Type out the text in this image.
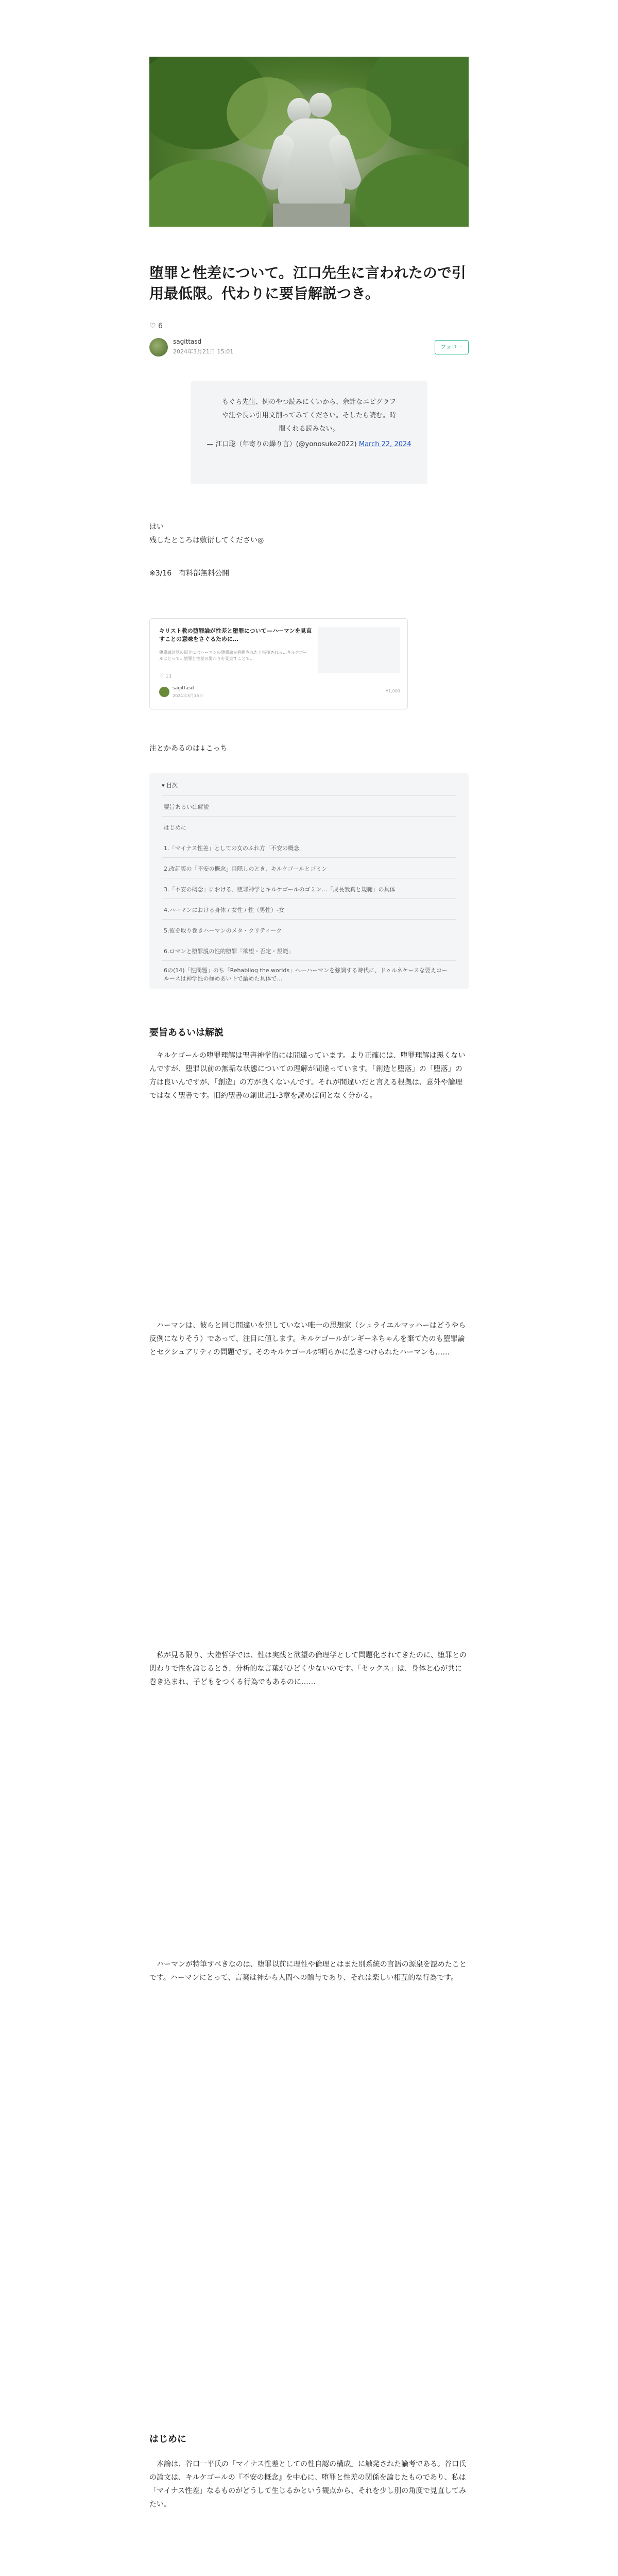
堕罪と性差について。江口先生に言われたので引用最低限。代わりに要旨解説つき。
♡ 6
sagittasd
2024年3月21日 15:01
フォロー

もぐら先生、例のやつ読みにくいから、余計なエピグラフ

や注や長い引用文削ってみてください。そしたら読む。時

間くれる読みない。

— 江口聡（年寄りの繰り言）(@yonosuke2022) March 22, 2024

はい

残したところは敷衍してください◎

※3/16　有料部無料公開

キリスト教の堕罪論が性差と堕罪について—ハーマンを見直すことの意味をさぐるために…
堕罪論諸見の紹介にはハーマンの堕罪論が利用されたと指摘される…キルケゴールにとって…堕罪と性差の関わりを見直すことで…
♡ 11
sagittasd
2024年3月15日
¥1,000

注とかあるのは↓こっち

▾ 目次
要旨あるいは解説
はじめに
1.「マイナス性差」としての女のふれ方「不安の概念」
2.改訂版の「不安の概念」目隠しのとき、キルケゴールとゴミン
3.「不安の概念」における、堕罪神学とキルケゴールのゴミン…「成長我真と規範」の具体
4.ハーマンにおける身体 / 女性 / 性（男性）-女
5.彼を取り巻きハーマンのメタ・クリティーク
6.ロマンと堕罪説の性的堕罪「欲望・否定・規範」
6の(14)「性問題」のち「Rehabilog the worlds」へ—ハーマンを強調する時代に、ドゥルネケースな要えコールースは神学性の極めあい下で論めた具体で…
要旨あるいは解説

　キルケゴールの堕罪理解は聖書神学的には間違っています。より正確には、堕罪理解は悪くないんですが、堕罪以前の無垢な状態についての理解が間違っています。「創造と堕落」の「堕落」の方は良いんですが、「創造」の方が良くないんです。それが間違いだと言える根拠は、意外や論理ではなく聖書です。旧約聖書の創世記1-3章を読めば何となく分かる。

　ハーマンは、彼らと同じ間違いを犯していない唯一の思想家（シュライエルマッハーはどうやら反例になりそう）であって、注目に値します。キルケゴールがレギーネちゃんを棄てたのも堕罪論とセクシュアリティの問題です。そのキルケゴールが明らかに惹きつけられたハーマンも……

　私が見る限り、大陸哲学では、性は実践と欲望の倫理学として問題化されてきたのに、堕罪との関わりで性を論じるとき、分析的な言葉がひどく少ないのです。「セックス」は、身体と心が共に巻き込まれ、子どもをつくる行為でもあるのに……

　ハーマンが特筆すべきなのは、堕罪以前に理性や倫理とはまた別系統の言語の源泉を認めたことです。ハーマンにとって、言葉は神から人間への贈与であり、それは楽しい相互的な行為です。

はじめに

　本論は、谷口一平氏の「マイナス性差としての性自認の構成」に触発された論考である。谷口氏の論文は、キルケゴールの『不安の概念』を中心に、堕罪と性差の関係を論じたものであり、私は「マイナス性差」なるものがどうして生じるかという観点から、それを少し別の角度で見直してみたい。
